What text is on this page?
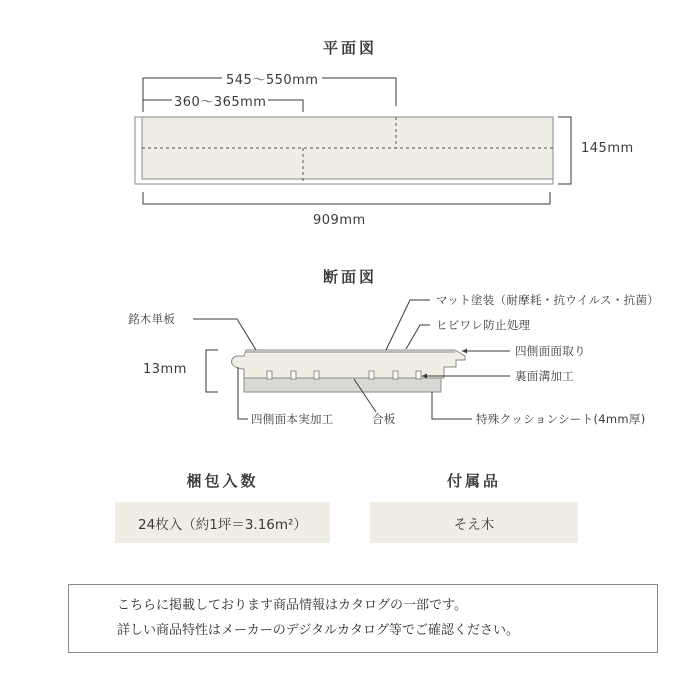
平面図
545〜550mm
360〜365mm
145mm
909mm
断面図
13mm
銘木単板
マット塗装（耐摩耗・抗ウイルス・抗菌）
ヒビワレ防止処理
四側面面取り
裏面溝加工
四側面本実加工	合板	特殊クッションシート(4mm厚)
梱包入数
24枚入（約1坪＝3.16m²）
付属品
そえ木
こちらに掲載しております商品情報はカタログの一部です。
詳しい商品特性はメーカーのデジタルカタログ等でご確認ください。
